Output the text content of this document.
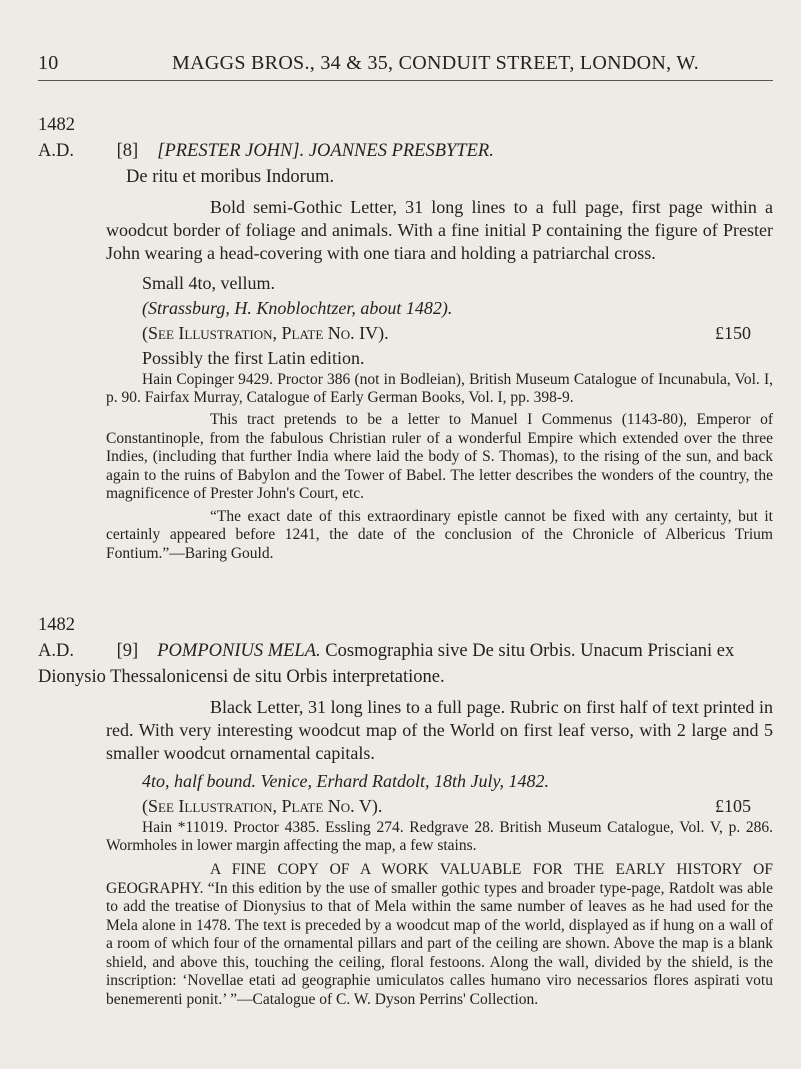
10	MAGGS BROS., 34 & 35, CONDUIT STREET, LONDON, W.

1482 A.D. [8] [PRESTER JOHN]. JOANNES PRESBYTER.

De ritu et moribus Indorum.

Bold semi-Gothic Letter, 31 long lines to a full page, first page within a woodcut border of foliage and animals. With a fine initial P containing the figure of Prester John wearing a head-covering with one tiara and holding a patriarchal cross.

Small 4to, vellum.

(Strassburg, H. Knoblochtzer, about 1482).

(See Illustration, Plate No. IV).	£150

Possibly the first Latin edition.

Hain Copinger 9429. Proctor 386 (not in Bodleian), British Museum Catalogue of Incunabula, Vol. I, p. 90. Fairfax Murray, Catalogue of Early German Books, Vol. I, pp. 398-9.

This tract pretends to be a letter to Manuel I Commenus (1143-80), Emperor of Constantinople, from the fabulous Christian ruler of a wonderful Empire which extended over the three Indies, (including that further India where laid the body of S. Thomas), to the rising of the sun, and back again to the ruins of Babylon and the Tower of Babel. The letter describes the wonders of the country, the magnificence of Prester John's Court, etc.

“The exact date of this extraordinary epistle cannot be fixed with any certainty, but it certainly appeared before 1241, the date of the conclusion of the Chronicle of Albericus Trium Fontium.”—Baring Gould.

1482 A.D. [9] POMPONIUS MELA. Cosmographia sive De situ Orbis. Unacum Prisciani ex Dionysio Thessalonicensi de situ Orbis interpretatione.

Black Letter, 31 long lines to a full page. Rubric on first half of text printed in red. With very interesting woodcut map of the World on first leaf verso, with 2 large and 5 smaller woodcut ornamental capitals.

4to, half bound. Venice, Erhard Ratdolt, 18th July, 1482.

(See Illustration, Plate No. V).	£105

Hain *11019. Proctor 4385. Essling 274. Redgrave 28. British Museum Catalogue, Vol. V, p. 286. Wormholes in lower margin affecting the map, a few stains.

A FINE COPY OF A WORK VALUABLE FOR THE EARLY HISTORY OF GEOGRAPHY. “In this edition by the use of smaller gothic types and broader type-page, Ratdolt was able to add the treatise of Dionysius to that of Mela within the same number of leaves as he had used for the Mela alone in 1478. The text is preceded by a woodcut map of the world, displayed as if hung on a wall of a room of which four of the ornamental pillars and part of the ceiling are shown. Above the map is a blank shield, and above this, touching the ceiling, floral festoons. Along the wall, divided by the shield, is the inscription: ‘Novellae etati ad geographie umiculatos calles humano viro necessarios flores aspirati votu benemerenti ponit.’ ”—Catalogue of C. W. Dyson Perrins' Collection.
